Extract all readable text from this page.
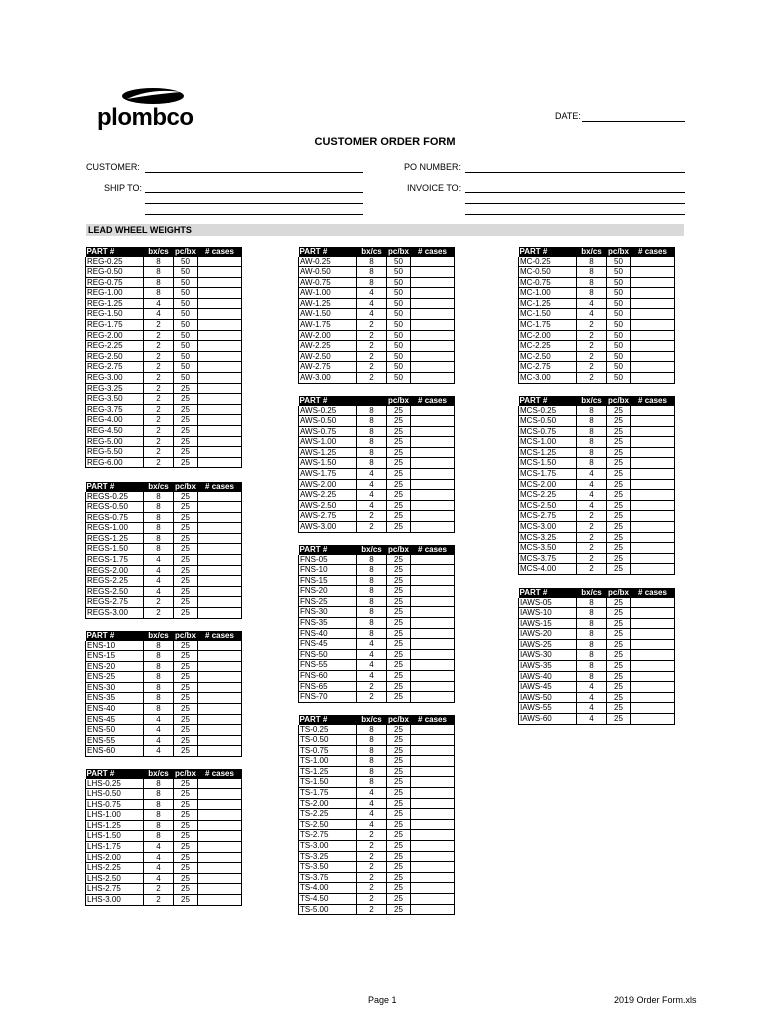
plombco	DATE:
CUSTOMER ORDER FORM
CUSTOMER:	PO NUMBER:
SHIP TO:	INVOICE TO:
LEAD WHEEL WEIGHTS
PART #	bx/cs	pc/bx	# cases
REG-0.25	8	50	
REG-0.50	8	50	
REG-0.75	8	50	
REG-1.00	8	50	
REG-1.25	4	50	
REG-1.50	4	50	
REG-1.75	2	50	
REG-2.00	2	50	
REG-2.25	2	50	
REG-2.50	2	50	
REG-2.75	2	50	
REG-3.00	2	50	
REG-3.25	2	25	
REG-3.50	2	25	
REG-3.75	2	25	
REG-4.00	2	25	
REG-4.50	2	25	
REG-5.00	2	25	
REG-5.50	2	25	
REG-6.00	2	25	
PART #	bx/cs	pc/bx	# cases
REGS-0.25	8	25	
REGS-0.50	8	25	
REGS-0.75	8	25	
REGS-1.00	8	25	
REGS-1.25	8	25	
REGS-1.50	8	25	
REGS-1.75	4	25	
REGS-2.00	4	25	
REGS-2.25	4	25	
REGS-2.50	4	25	
REGS-2.75	2	25	
REGS-3.00	2	25	
PART #	bx/cs	pc/bx	# cases
ENS-10	8	25	
ENS-15	8	25	
ENS-20	8	25	
ENS-25	8	25	
ENS-30	8	25	
ENS-35	8	25	
ENS-40	8	25	
ENS-45	4	25	
ENS-50	4	25	
ENS-55	4	25	
ENS-60	4	25	
PART #	bx/cs	pc/bx	# cases
LHS-0.25	8	25	
LHS-0.50	8	25	
LHS-0.75	8	25	
LHS-1.00	8	25	
LHS-1.25	8	25	
LHS-1.50	8	25	
LHS-1.75	4	25	
LHS-2.00	4	25	
LHS-2.25	4	25	
LHS-2.50	4	25	
LHS-2.75	2	25	
LHS-3.00	2	25	
PART #	bx/cs	pc/bx	# cases
AW-0.25	8	50	
AW-0.50	8	50	
AW-0.75	8	50	
AW-1.00	4	50	
AW-1.25	4	50	
AW-1.50	4	50	
AW-1.75	2	50	
AW-2.00	2	50	
AW-2.25	2	50	
AW-2.50	2	50	
AW-2.75	2	50	
AW-3.00	2	50	
PART #		pc/bx	# cases
AWS-0.25	8	25	
AWS-0.50	8	25	
AWS-0.75	8	25	
AWS-1.00	8	25	
AWS-1.25	8	25	
AWS-1.50	8	25	
AWS-1.75	4	25	
AWS-2.00	4	25	
AWS-2.25	4	25	
AWS-2.50	4	25	
AWS-2.75	2	25	
AWS-3.00	2	25	
PART #	bx/cs	pc/bx	# cases
FNS-05	8	25	
FNS-10	8	25	
FNS-15	8	25	
FNS-20	8	25	
FNS-25	8	25	
FNS-30	8	25	
FNS-35	8	25	
FNS-40	8	25	
FNS-45	4	25	
FNS-50	4	25	
FNS-55	4	25	
FNS-60	4	25	
FNS-65	2	25	
FNS-70	2	25	
PART #	bx/cs	pc/bx	# cases
TS-0.25	8	25	
TS-0.50	8	25	
TS-0.75	8	25	
TS-1.00	8	25	
TS-1.25	8	25	
TS-1.50	8	25	
TS-1.75	4	25	
TS-2.00	4	25	
TS-2.25	4	25	
TS-2.50	4	25	
TS-2.75	2	25	
TS-3.00	2	25	
TS-3.25	2	25	
TS-3.50	2	25	
TS-3.75	2	25	
TS-4.00	2	25	
TS-4.50	2	25	
TS-5.00	2	25	
PART #	bx/cs	pc/bx	# cases
MC-0.25	8	50	
MC-0.50	8	50	
MC-0.75	8	50	
MC-1.00	8	50	
MC-1.25	4	50	
MC-1.50	4	50	
MC-1.75	2	50	
MC-2.00	2	50	
MC-2.25	2	50	
MC-2.50	2	50	
MC-2.75	2	50	
MC-3.00	2	50	
PART #	bx/cs	pc/bx	# cases
MCS-0.25	8	25	
MCS-0.50	8	25	
MCS-0.75	8	25	
MCS-1.00	8	25	
MCS-1.25	8	25	
MCS-1.50	8	25	
MCS-1.75	4	25	
MCS-2.00	4	25	
MCS-2.25	4	25	
MCS-2.50	4	25	
MCS-2.75	2	25	
MCS-3.00	2	25	
MCS-3.25	2	25	
MCS-3.50	2	25	
MCS-3.75	2	25	
MCS-4.00	2	25	
PART #	bx/cs	pc/bx	# cases
IAWS-05	8	25	
IAWS-10	8	25	
IAWS-15	8	25	
IAWS-20	8	25	
IAWS-25	8	25	
IAWS-30	8	25	
IAWS-35	8	25	
IAWS-40	8	25	
IAWS-45	4	25	
IAWS-50	4	25	
IAWS-55	4	25	
IAWS-60	4	25	
Page 1	2019 Order Form.xls
